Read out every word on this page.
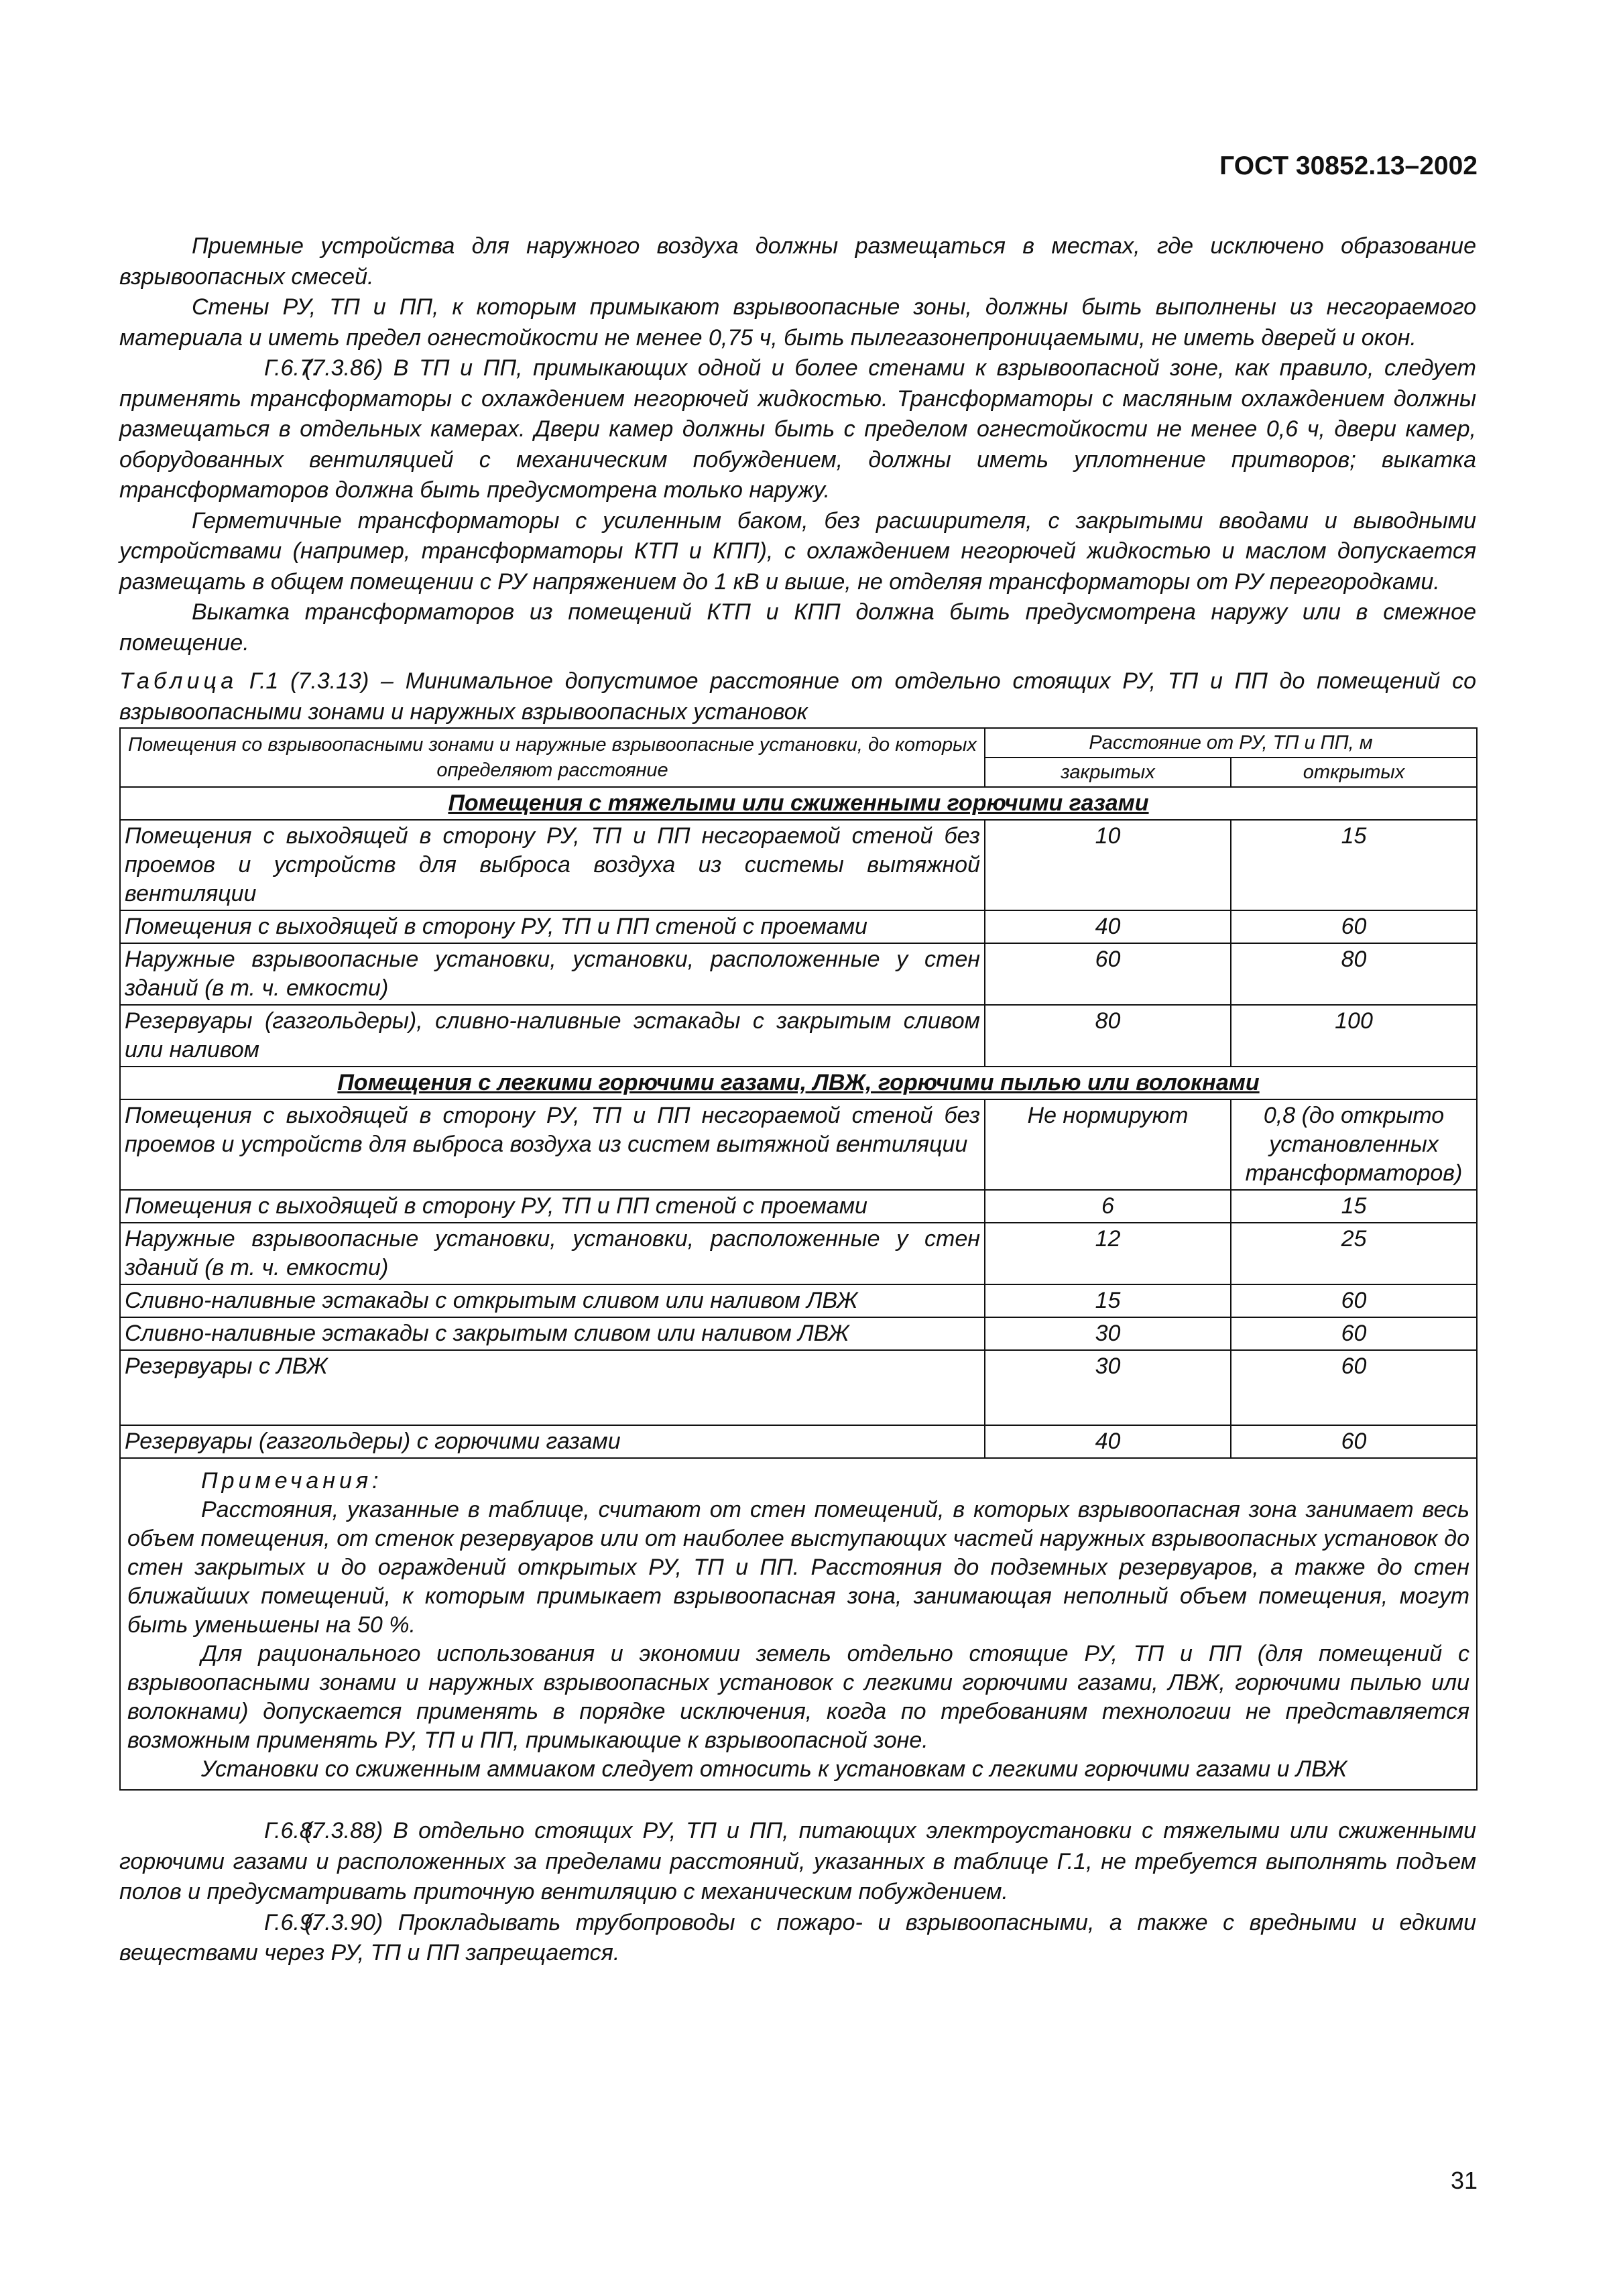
ГОСТ 30852.13–2002

Приемные устройства для наружного воздуха должны размещаться в местах, где исключено образование взрывоопасных смесей.

Стены РУ, ТП и ПП, к которым примыкают взрывоопасные зоны, должны быть выполнены из несгораемого материала и иметь предел огнестойкости не менее 0,75 ч, быть пылегазонепроницаемыми, не иметь дверей и окон.

Г.6.7.(7.3.86) В ТП и ПП, примыкающих одной и более стенами к взрывоопасной зоне, как правило, следует применять трансформаторы с охлаждением негорючей жидкостью. Трансформаторы с масляным охлаждением должны размещаться в отдельных камерах. Двери камер должны быть с пределом огнестойкости не менее 0,6 ч, двери камер, оборудованных вентиляцией с механическим побуждением, должны иметь уплотнение притворов; выкатка трансформаторов должна быть предусмотрена только наружу.

Герметичные трансформаторы с усиленным баком, без расширителя, с закрытыми вводами и выводными устройствами (например, трансформаторы КТП и КПП), с охлаждением негорючей жидкостью и маслом допускается размещать в общем помещении с РУ напряжением до 1 кВ и выше, не отделяя трансформаторы от РУ перегородками.

Выкатка трансформаторов из помещений КТП и КПП должна быть предусмотрена наружу или в смежное помещение.

Таблица Г.1 (7.3.13) – Минимальное допустимое расстояние от отдельно стоящих РУ, ТП и ПП до помещений со взрывоопасными зонами и наружных взрывоопасных установок

Помещения со взрывоопасными зонами и наружные взрывоопасные установки, до которых определяют расстояние	Расстояние от РУ, ТП и ПП, м	
	закрытых	открытых
Помещения с тяжелыми или сжиженными горючими газами		
Помещения с выходящей в сторону РУ, ТП и ПП несгораемой стеной без проемов и устройств для выброса воздуха из системы вытяжной вентиляции	10	15
Помещения с выходящей в сторону РУ, ТП и ПП стеной с проемами	40	60
Наружные взрывоопасные установки, установки, расположенные у стен зданий (в т. ч. емкости)	60	80
Резервуары (газгольдеры), сливно-наливные эстакады с закрытым сливом или наливом	80	100
Помещения с легкими горючими газами, ЛВЖ, горючими пылью или волокнами		
Помещения с выходящей в сторону РУ, ТП и ПП несгораемой стеной без проемов и устройств для выброса воздуха из систем вытяжной вентиляции	Не нормируют	0,8 (до открыто установленных трансформаторов)
Помещения с выходящей в сторону РУ, ТП и ПП стеной с проемами	6	15
Наружные взрывоопасные установки, установки, расположенные у стен зданий (в т. ч. емкости)	12	25
Сливно-наливные эстакады с открытым сливом или наливом ЛВЖ	15	60
Сливно-наливные эстакады с закрытым сливом или наливом ЛВЖ	30	60
Резервуары с ЛВЖ	30	60
Резервуары (газгольдеры) с горючими газами	40	60

Примечания:

Расстояния, указанные в таблице, считают от стен помещений, в которых взрывоопасная зона занимает весь объем помещения, от стенок резервуаров или от наиболее выступающих частей наружных взрывоопасных установок до стен закрытых и до ограждений открытых РУ, ТП и ПП. Расстояния до подземных резервуаров, а также до стен ближайших помещений, к которым примыкает взрывоопасная зона, занимающая неполный объем помещения, могут быть уменьшены на 50 %.

Для рационального использования и экономии земель отдельно стоящие РУ, ТП и ПП (для помещений с взрывоопасными зонами и наружных взрывоопасных установок с легкими горючими газами, ЛВЖ, горючими пылью или волокнами) допускается применять в порядке исключения, когда по требованиям технологии не представляется возможным применять РУ, ТП и ПП, примыкающие к взрывоопасной зоне.

Установки со сжиженным аммиаком следует относить к установкам с легкими горючими газами и ЛВЖ		

Г.6.8.(7.3.88) В отдельно стоящих РУ, ТП и ПП, питающих электроустановки с тяжелыми или сжиженными горючими газами и расположенных за пределами расстояний, указанных в таблице Г.1, не требуется выполнять подъем полов и предусматривать приточную вентиляцию с механическим побуждением.

Г.6.9.(7.3.90) Прокладывать трубопроводы с пожаро- и взрывоопасными, а также с вредными и едкими веществами через РУ, ТП и ПП запрещается.

31
